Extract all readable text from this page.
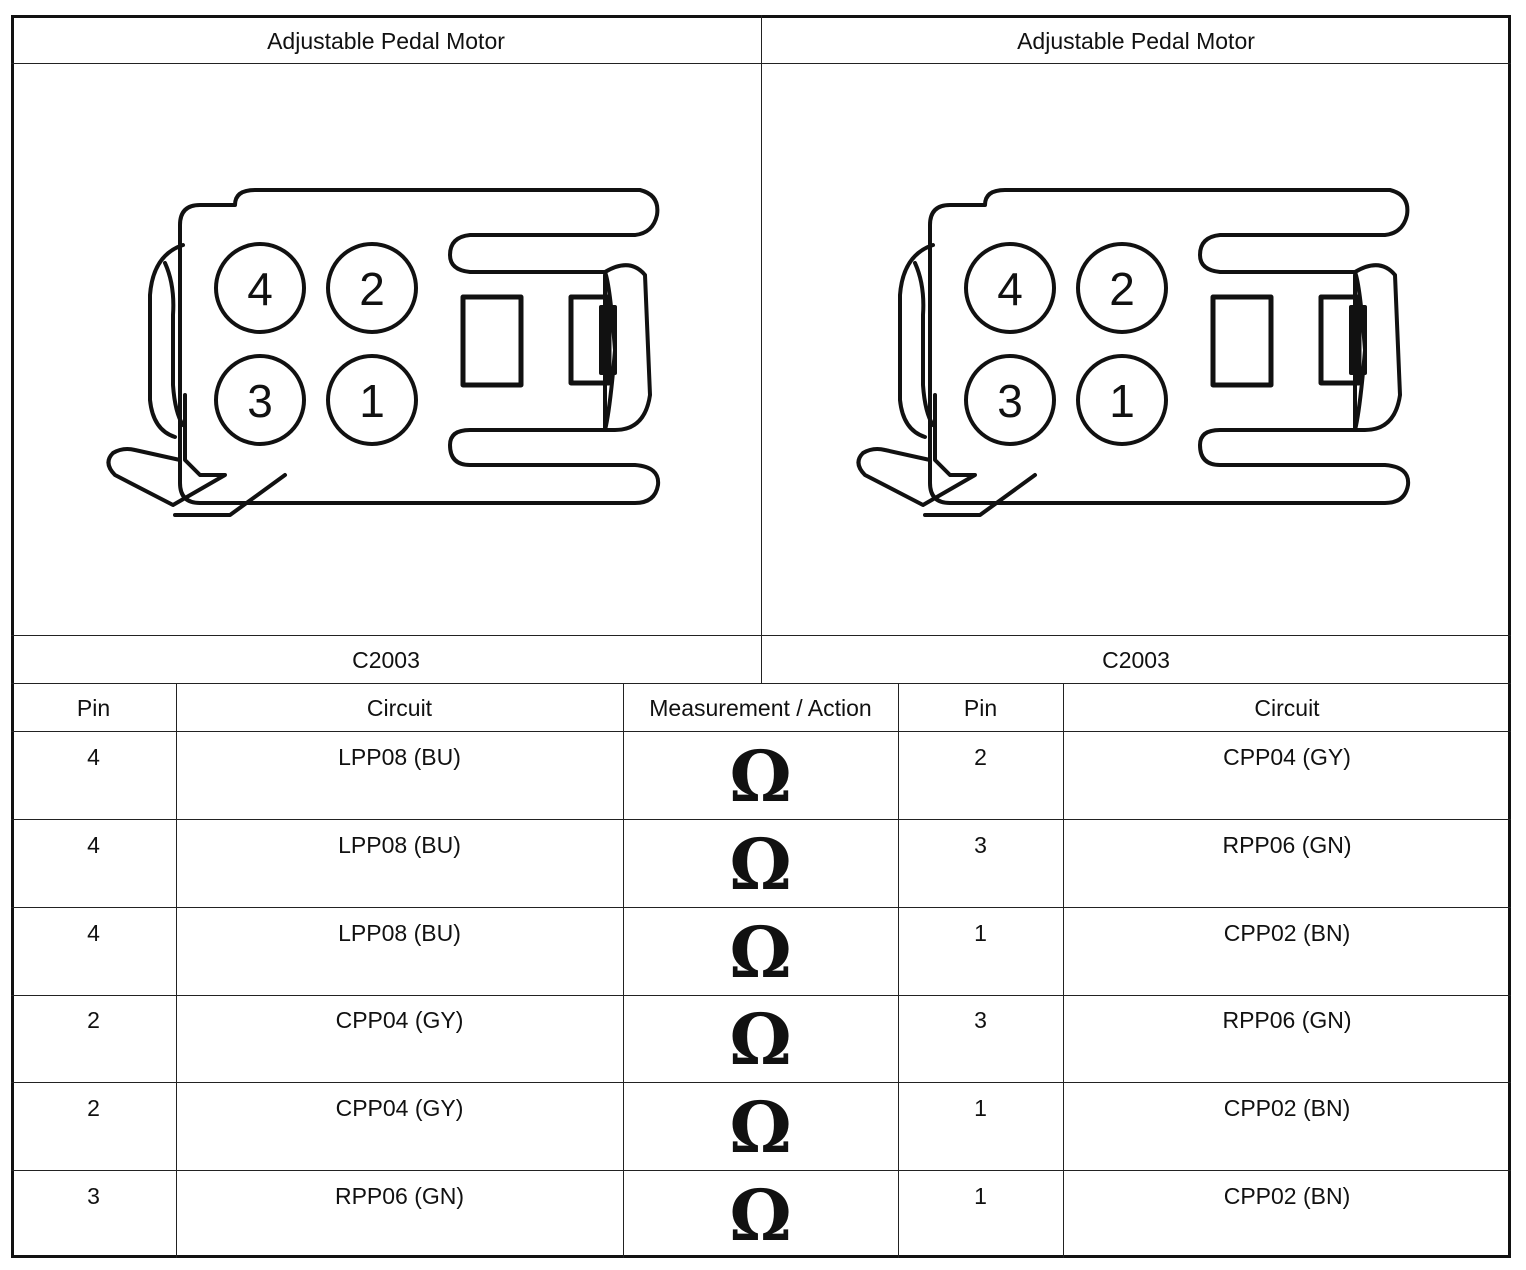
Adjustable Pedal Motor	Adjustable Pedal Motor
4	2
3	1
4	2
3	1
C2003	C2003
Pin	Circuit	Measurement / Action	Pin	Circuit
4	LPP08 (BU)	Ω	2	CPP04 (GY)
4	LPP08 (BU)	Ω	3	RPP06 (GN)
4	LPP08 (BU)	Ω	1	CPP02 (BN)
2	CPP04 (GY)	Ω	3	RPP06 (GN)
2	CPP04 (GY)	Ω	1	CPP02 (BN)
3	RPP06 (GN)	Ω	1	CPP02 (BN)
